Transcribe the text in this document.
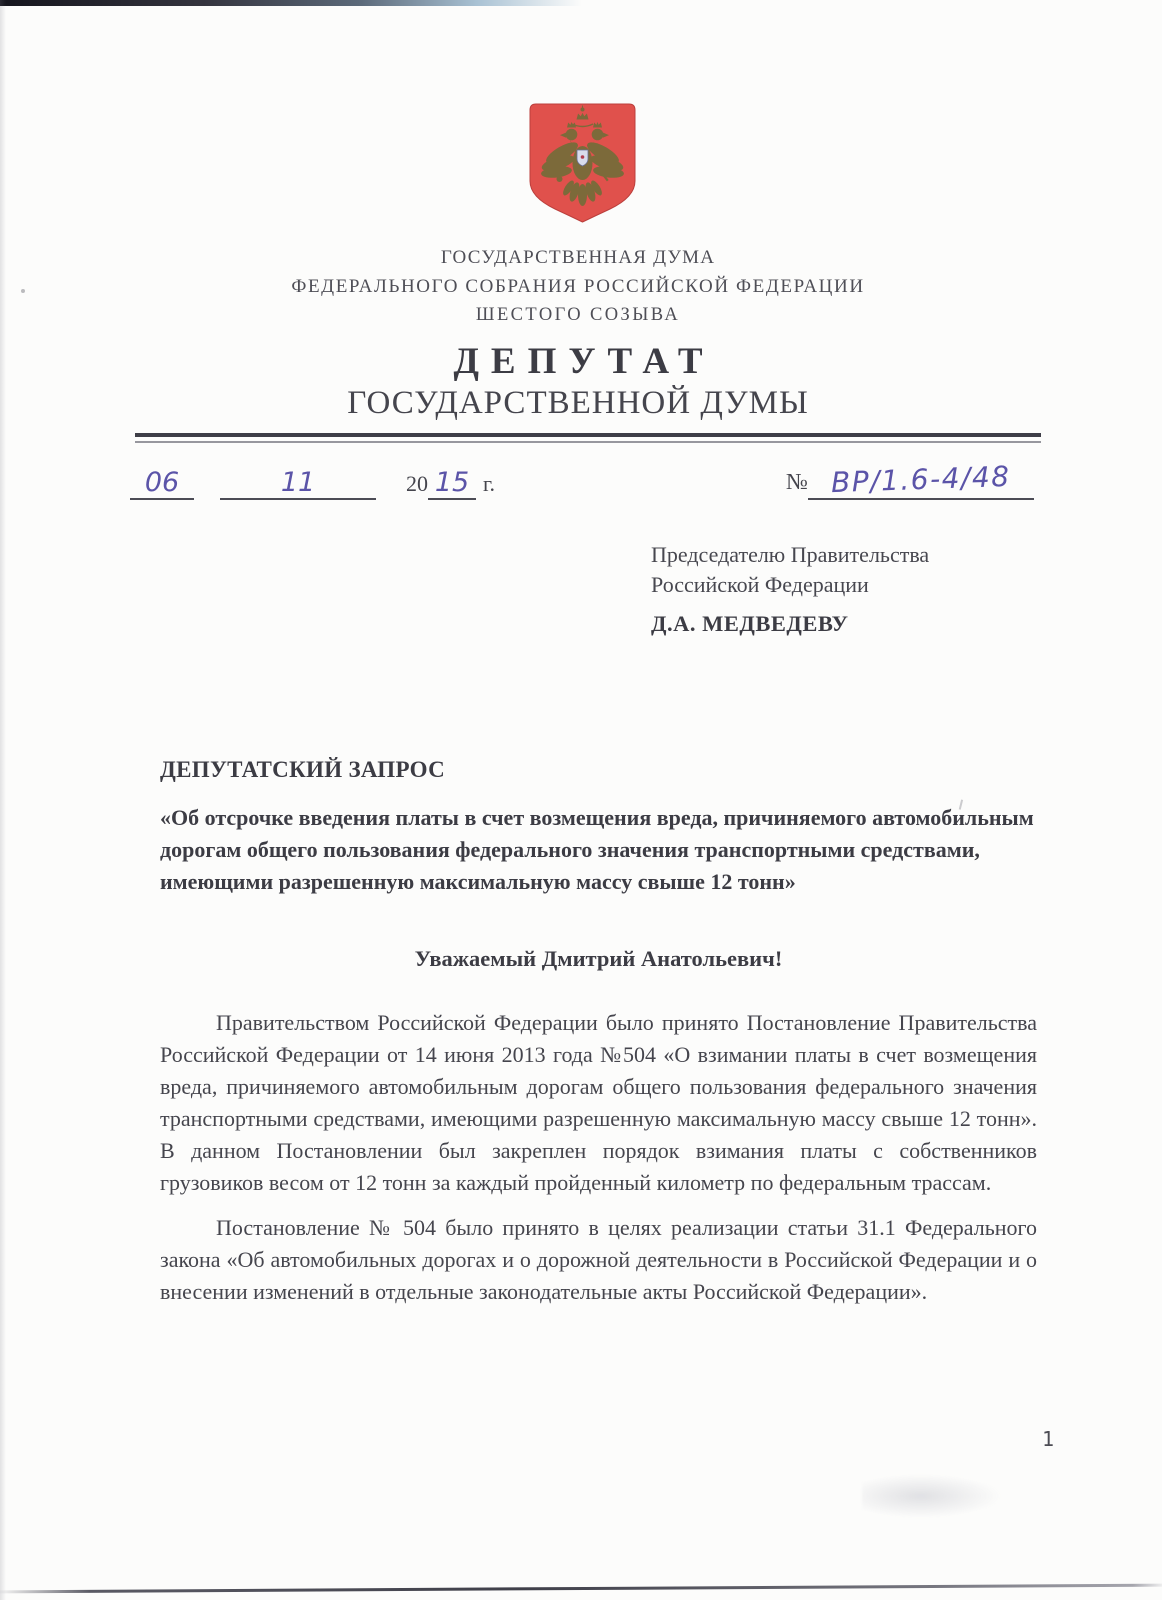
ГОСУДАРСТВЕННАЯ ДУМА
ФЕДЕРАЛЬНОГО СОБРАНИЯ РОССИЙСКОЙ ФЕДЕРАЦИИ
ШЕСТОГО СОЗЫВА
ДЕПУТАТ
ГОСУДАРСТВЕННОЙ ДУМЫ
06	11	20 15 г.	№ ВР/1.6-4/48
Председателю Правительства
Российской Федерации
Д.А. МЕДВЕДЕВУ
ДЕПУТАТСКИЙ ЗАПРОС
«Об отсрочке введения платы в счет возмещения вреда, причиняемого автомобильным дорогам общего пользования федерального значения транспортными средствами, имеющими разрешенную максимальную массу свыше 12 тонн»
Уважаемый Дмитрий Анатольевич!

Правительством Российской Федерации было принято Постановление Правительства Российской Федерации от 14 июня 2013 года №504 «О взимании платы в счет возмещения вреда, причиняемого автомобильным дорогам общего пользования федерального значения транспортными средствами, имеющими разрешенную максимальную массу свыше 12 тонн». В данном Постановлении был закреплен порядок взимания платы с собственников грузовиков весом от 12 тонн за каждый пройденный километр по федеральным трассам.

Постановление № 504 было принято в целях реализации статьи 31.1 Федерального закона «Об автомобильных дорогах и о дорожной деятельности в Российской Федерации и о внесении изменений в отдельные законодательные акты Российской Федерации».

1
